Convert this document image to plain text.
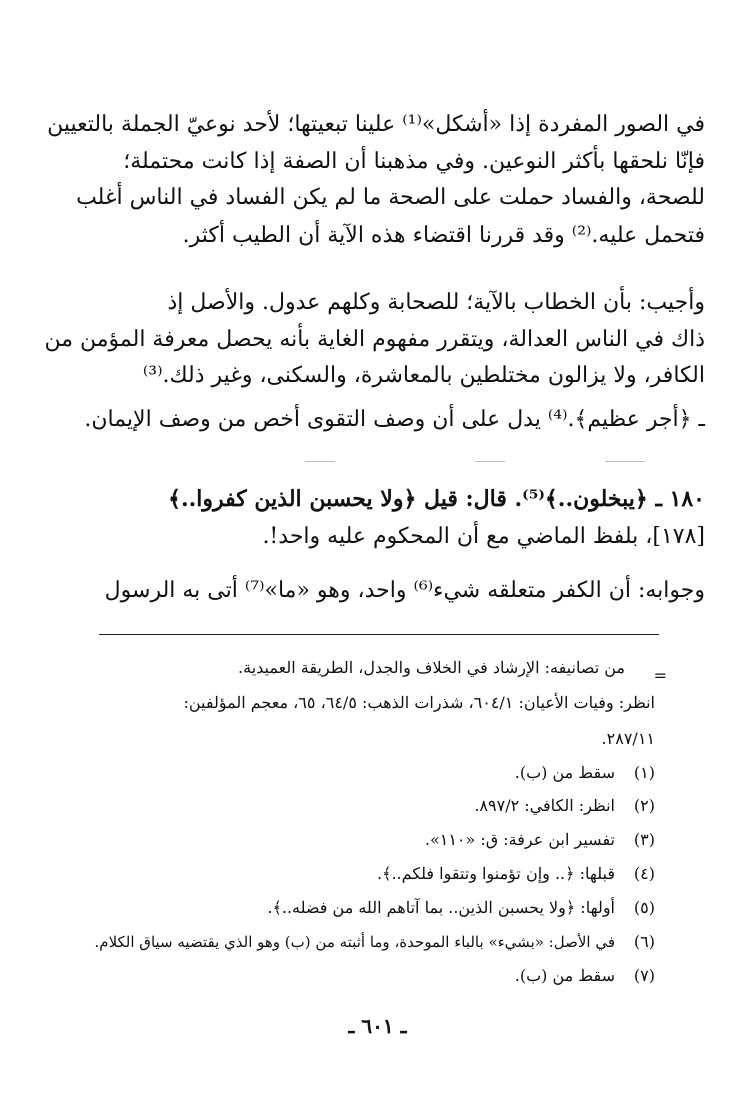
في الصور المفردة إذا «أشكل»⁽¹⁾ علينا تبعيتها؛ لأحد نوعيّ الجملة بالتعيين
فإنّا نلحقها بأكثر النوعين. وفي مذهبنا أن الصفة إذا كانت محتملة؛
للصحة، والفساد حملت على الصحة ما لم يكن الفساد في الناس أغلب
فتحمل عليه.⁽²⁾ وقد قررنا اقتضاء هذه الآية أن الطيب أكثر.
وأجيب: بأن الخطاب بالآية؛ للصحابة وكلهم عدول. والأصل إذ
ذاك في الناس العدالة، ويتقرر مفهوم الغاية بأنه يحصل معرفة المؤمن من
الكافر، ولا يزالون مختلطين بالمعاشرة، والسكنى، وغير ذلك.⁽³⁾
ـ ﴿أجر عظيم﴾.⁽⁴⁾ يدل على أن وصف التقوى أخص من وصف الإيمان.
١٨٠ ـ ﴿يبخلون..﴾⁽⁵⁾. قال: قيل ﴿ولا يحسبن الذين كفروا..﴾
[١٧٨]، بلفظ الماضي مع أن المحكوم عليه واحد!.
وجوابه: أن الكفر متعلقه شيء⁽⁶⁾ واحد، وهو «ما»⁽⁷⁾ أتى به الرسول
=
من تصانيفه: الإرشاد في الخلاف والجدل، الطريقة العميدية.
انظر: وفيات الأعيان: ٦٠٤/١، شذرات الذهب: ٦٤/٥، ٦٥، معجم المؤلفين:
٢٨٧/١١.
(١)
سقط من (ب).
(٢)
انظر: الكافي: ٨٩٧/٢.
(٣)
تفسير ابن عرفة: ق: «١١٠».
(٤)
قبلها: ﴿.. وإن تؤمنوا وتتقوا فلكم..﴾.
(٥)
أولها: ﴿ولا يحسبن الذين.. بما آتاهم الله من فضله..﴾.
(٦)
في الأصل: «بشيء» بالباء الموحدة، وما أثبته من (ب) وهو الذي يقتضيه سياق الكلام.
(٧)
سقط من (ب).
ـ ٦٠١ ـ
